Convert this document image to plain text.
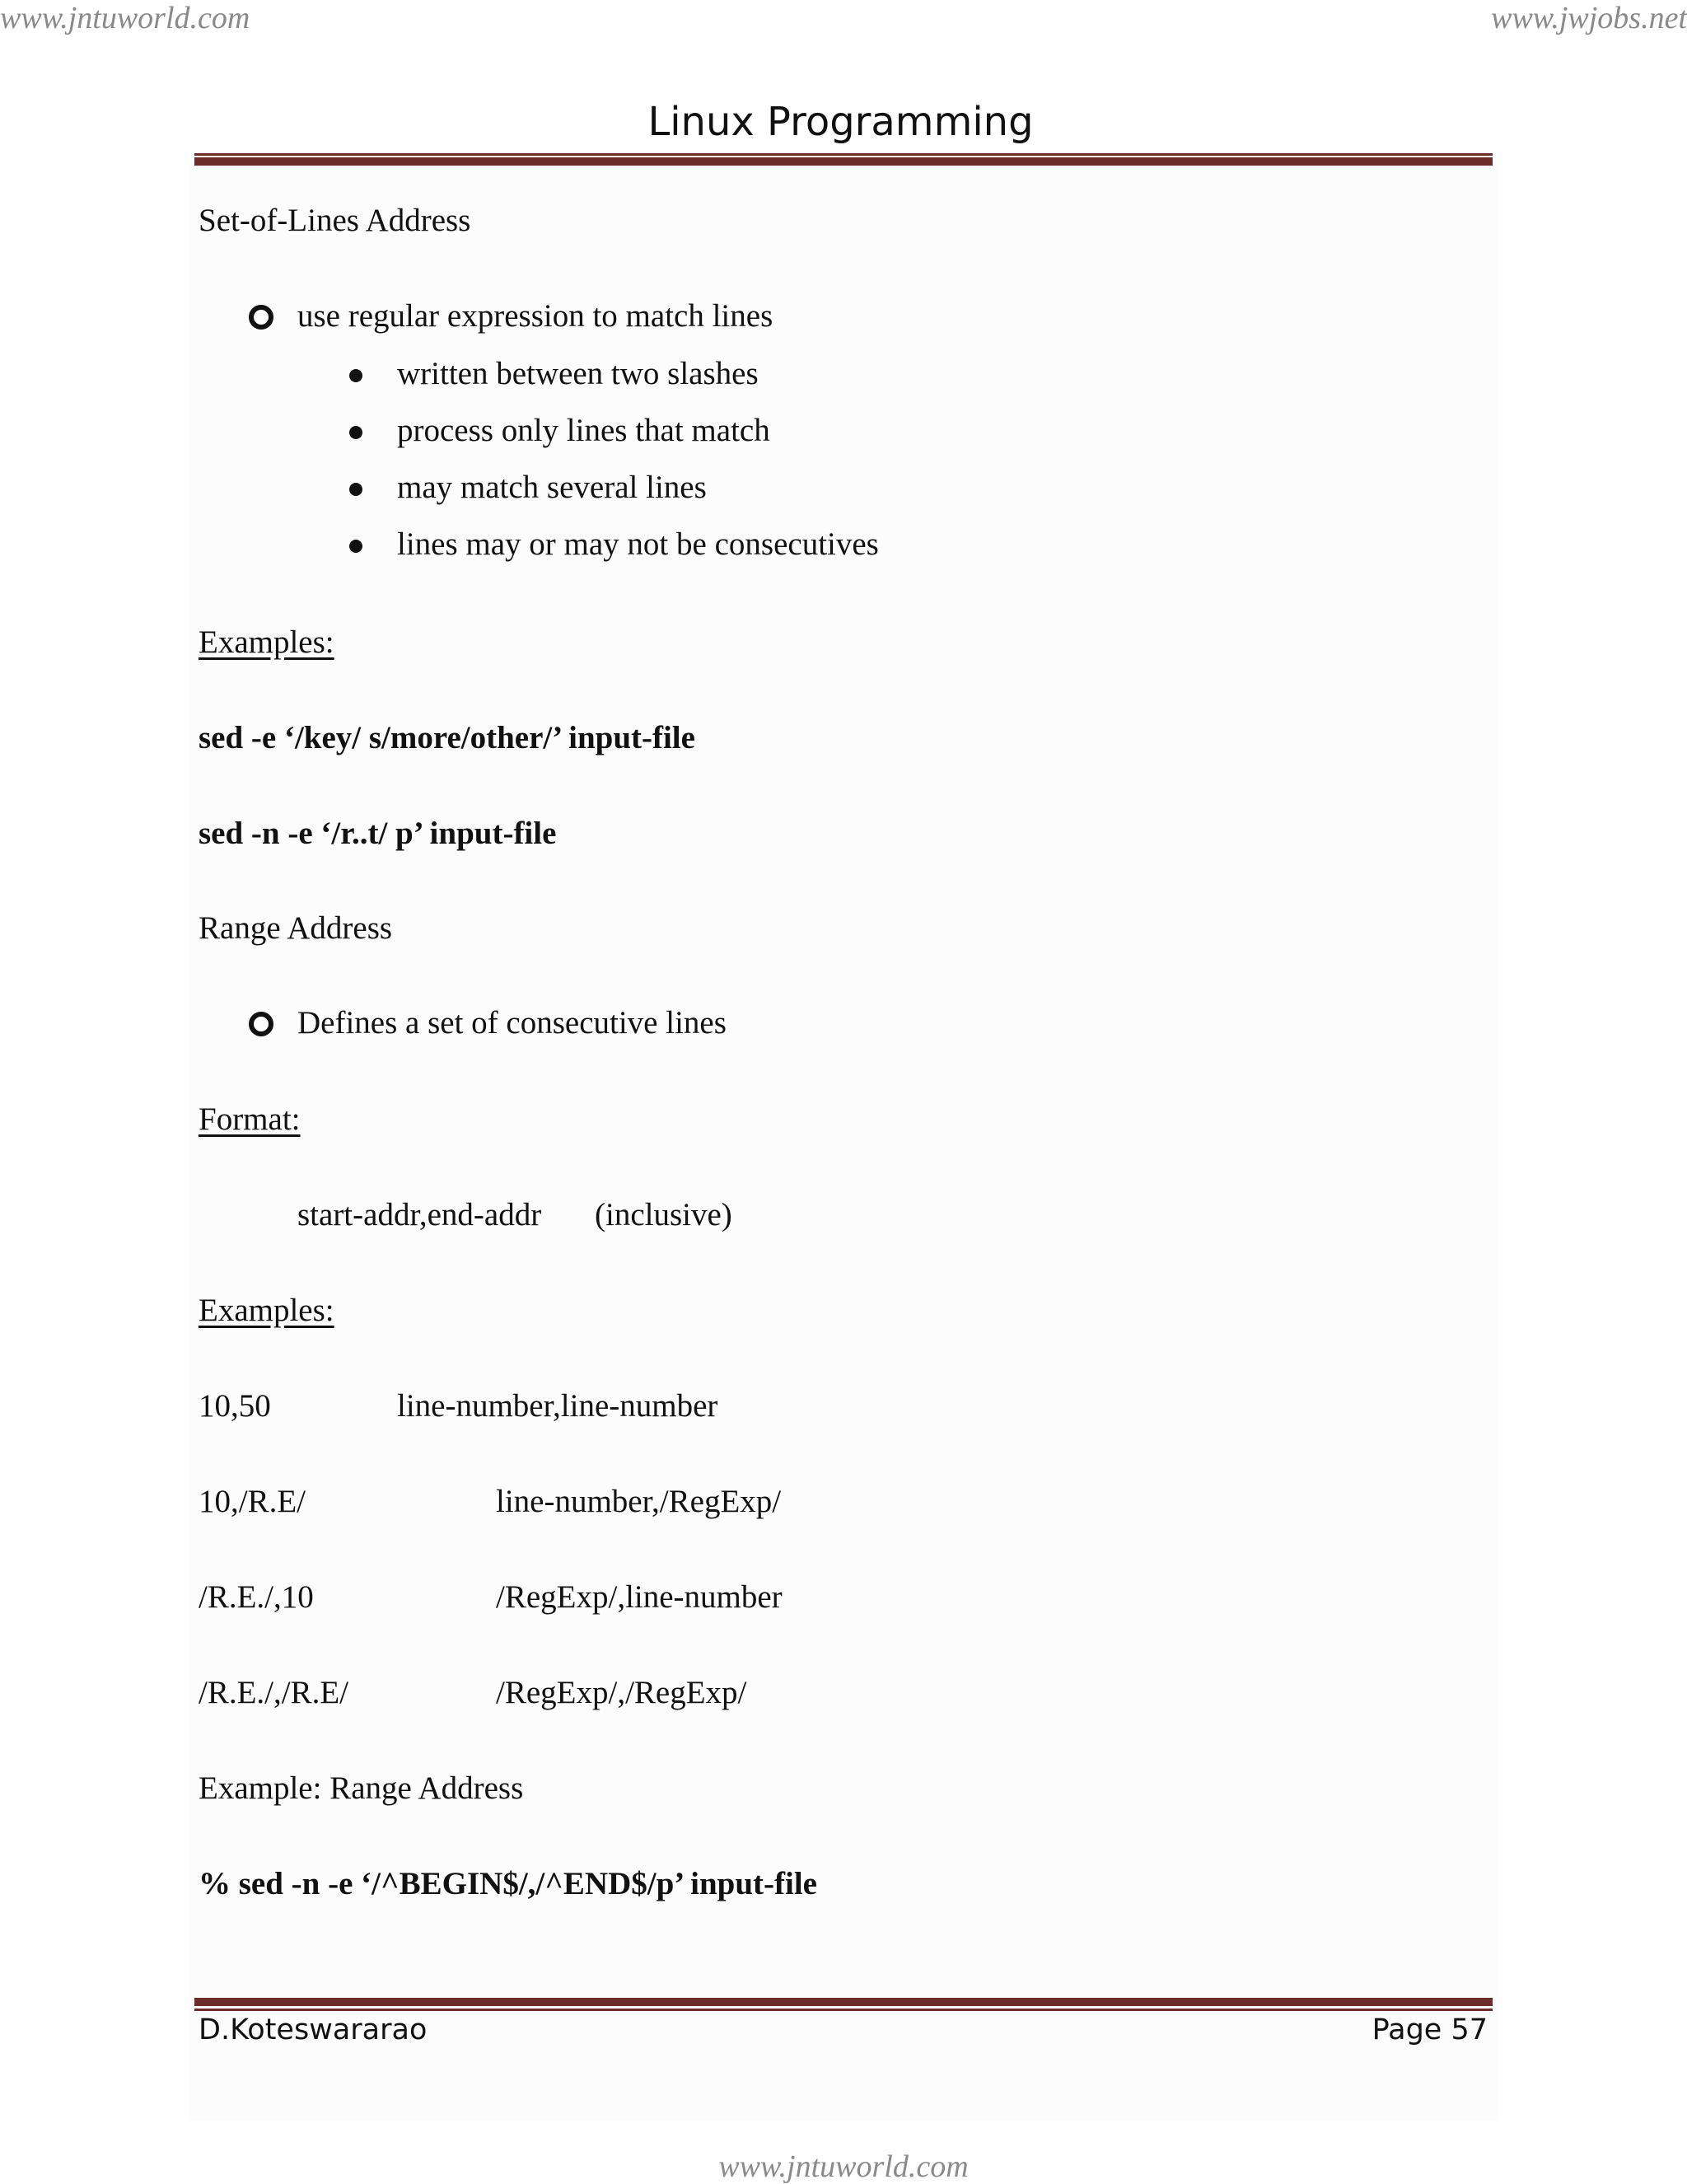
www.jntuworld.com	www.jwjobs.net
Linux Programming
Set-of-Lines Address
use regular expression to match lines
written between two slashes
process only lines that match
may match several lines
lines may or may not be consecutives
Examples:
sed -e ‘/key/ s/more/other/’ input-file
sed -n -e ‘/r..t/ p’ input-file
Range Address
Defines a set of consecutive lines
Format:
start-addr,end-addr (inclusive)
Examples:
10,50	line-number,line-number
10,/R.E/	line-number,/RegExp/
/R.E./,10	/RegExp/,line-number
/R.E./,/R.E/	/RegExp/,/RegExp/
Example: Range Address
% sed -n -e ‘/^BEGIN$/,/^END$/p’ input-file
D.Koteswararao	Page 57
www.jntuworld.com
